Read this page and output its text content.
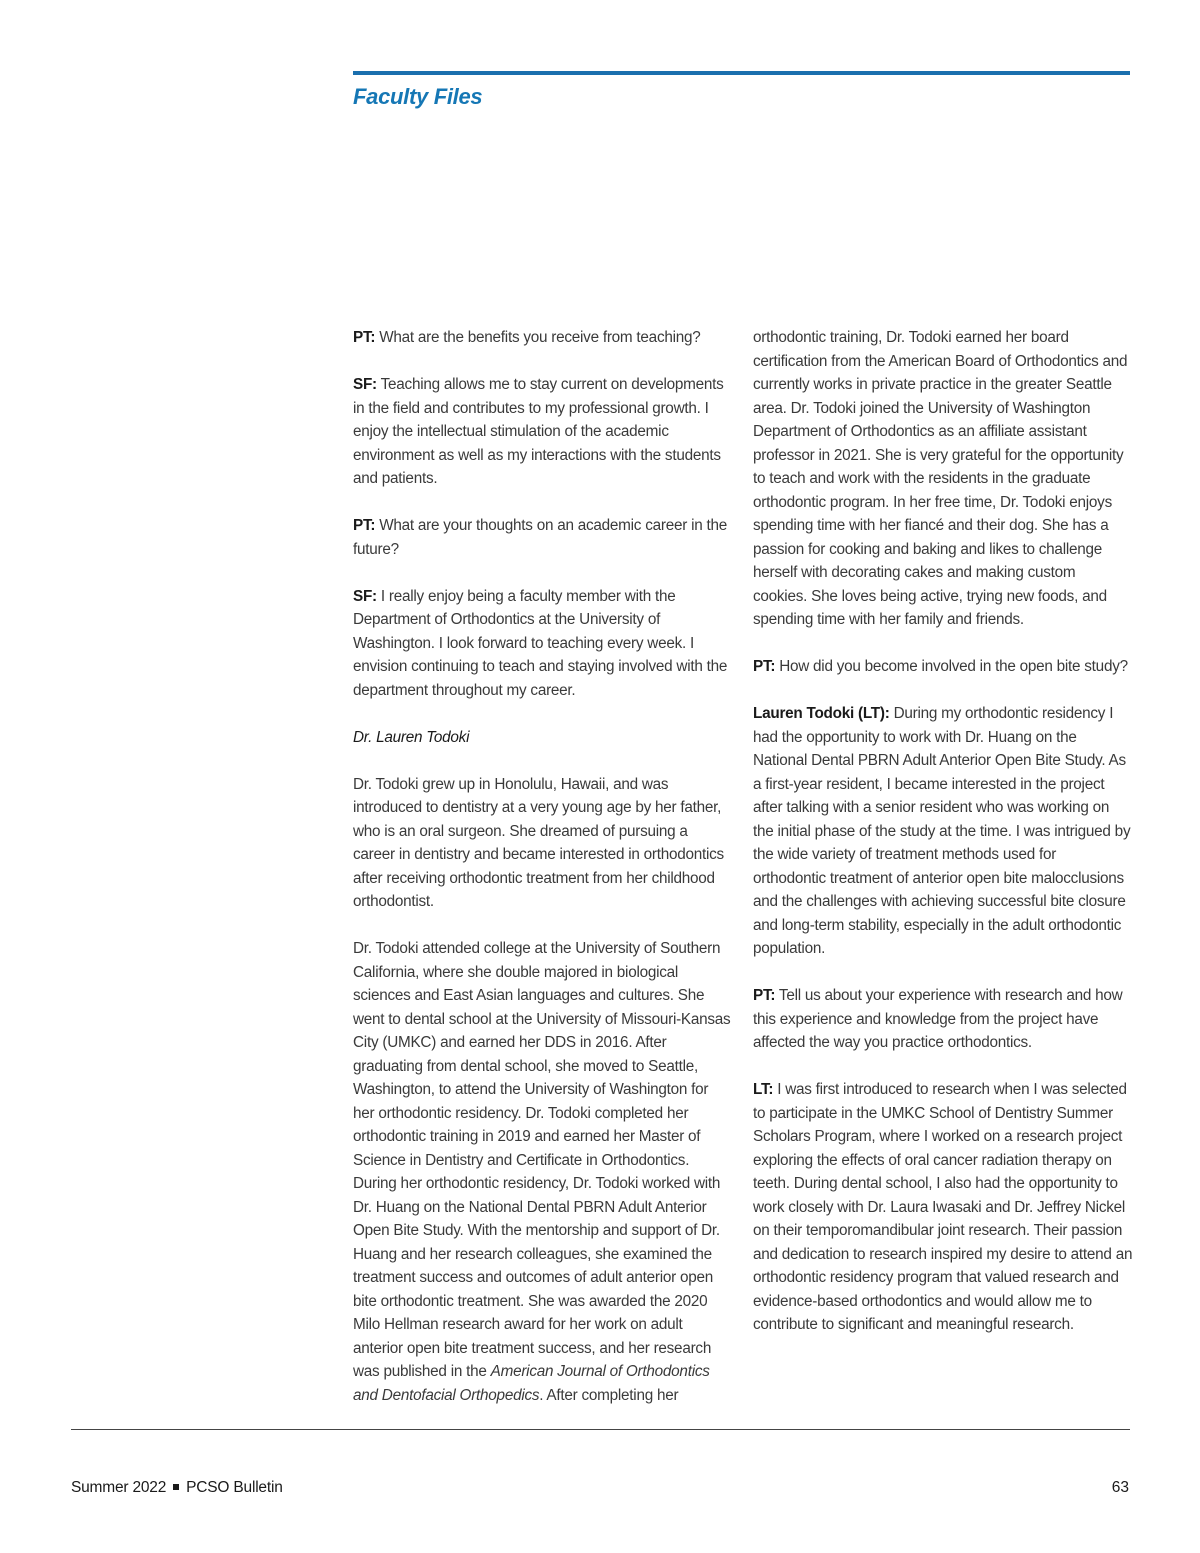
Faculty Files

PT: What are the benefits you receive from teaching?

SF: Teaching allows me to stay current on developments in the field and contributes to my professional growth. I enjoy the intellectual stimulation of the academic environment as well as my interactions with the students and patients.

PT: What are your thoughts on an academic career in the future?

SF: I really enjoy being a faculty member with the Department of Orthodontics at the University of Washington. I look forward to teaching every week. I envision continuing to teach and staying involved with the department throughout my career.

Dr. Lauren Todoki

Dr. Todoki grew up in Honolulu, Hawaii, and was introduced to dentistry at a very young age by her father, who is an oral surgeon. She dreamed of pursuing a career in dentistry and became interested in orthodontics after receiving orthodontic treatment from her childhood orthodontist.

Dr. Todoki attended college at the University of Southern California, where she double majored in biological sciences and East Asian languages and cultures. She went to dental school at the University of Missouri-Kansas City (UMKC) and earned her DDS in 2016. After graduating from dental school, she moved to Seattle, Washington, to attend the University of Washington for her orthodontic residency. Dr. Todoki completed her orthodontic training in 2019 and earned her Master of Science in Dentistry and Certificate in Orthodontics. During her orthodontic residency, Dr. Todoki worked with Dr. Huang on the National Dental PBRN Adult Anterior Open Bite Study. With the mentorship and support of Dr. Huang and her research colleagues, she examined the treatment success and outcomes of adult anterior open bite orthodontic treatment. She was awarded the 2020 Milo Hellman research award for her work on adult anterior open bite treatment success, and her research was published in the American Journal of Orthodontics and Dentofacial Orthopedics. After completing her

orthodontic training, Dr. Todoki earned her board certification from the American Board of Orthodontics and currently works in private practice in the greater Seattle area. Dr. Todoki joined the University of Washington Department of Orthodontics as an affiliate assistant professor in 2021. She is very grateful for the opportunity to teach and work with the residents in the graduate orthodontic program. In her free time, Dr. Todoki enjoys spending time with her fiancé and their dog. She has a passion for cooking and baking and likes to challenge herself with decorating cakes and making custom cookies. She loves being active, trying new foods, and spending time with her family and friends.

PT: How did you become involved in the open bite study?

Lauren Todoki (LT): During my orthodontic residency I had the opportunity to work with Dr. Huang on the National Dental PBRN Adult Anterior Open Bite Study. As a first-year resident, I became interested in the project after talking with a senior resident who was working on the initial phase of the study at the time. I was intrigued by the wide variety of treatment methods used for orthodontic treatment of anterior open bite malocclusions and the challenges with achieving successful bite closure and long-term stability, especially in the adult orthodontic population.

PT: Tell us about your experience with research and how this experience and knowledge from the project have affected the way you practice orthodontics.

LT: I was first introduced to research when I was selected to participate in the UMKC School of Dentistry Summer Scholars Program, where I worked on a research project exploring the effects of oral cancer radiation therapy on teeth. During dental school, I also had the opportunity to work closely with Dr. Laura Iwasaki and Dr. Jeffrey Nickel on their temporomandibular joint research. Their passion and dedication to research inspired my desire to attend an orthodontic residency program that valued research and evidence-based orthodontics and would allow me to contribute to significant and meaningful research.

Summer 2022 PCSO Bulletin	63
